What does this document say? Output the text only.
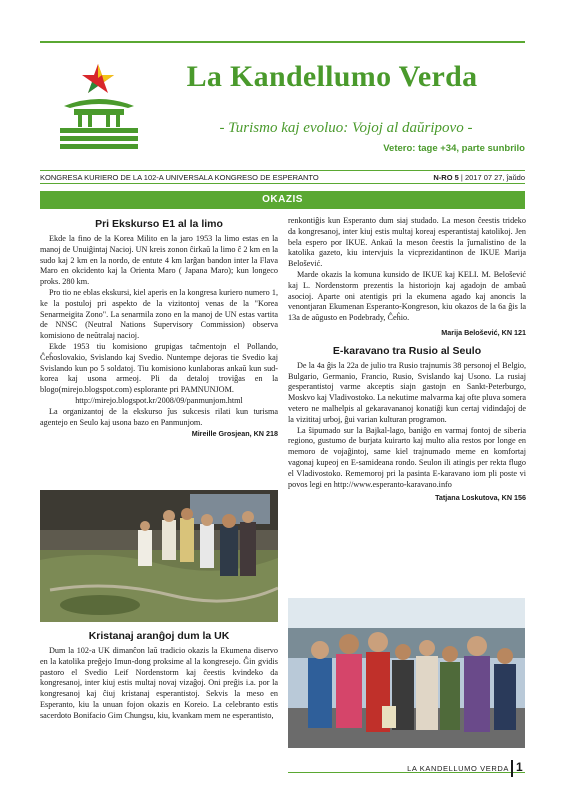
La Kandellumo Verda
- Turismo kaj evoluo: Vojoj al daŭripovo -
Vetero: tage +34, parte sunbrilo
KONGRESA KURIERO DE LA 102-A UNIVERSALA KONGRESO DE ESPERANTO	N-RO 5 | 2017 07 27, ĵaŭdo
OKAZIS
Pri Ekskurso E1 al la limo

Ekde la fino de la Korea Milito en la jaro 1953 la limo estas en la manoj de Unuiĝintaj Nacioj. UN kreis zonon ĉirkaŭ la limo ĉ 2 km en la sudo kaj 2 km en la nordo, de entute 4 km larĝan bandon inter la Flava Maro en okcidento kaj la Orienta Maro ( Japana Maro); kun longeco proks. 280 km.

Pro tio ne eblas ekskursi, kiel aperis en la kongresa kuriero numero 1, ke la postuloj pri aspekto de la vizitontoj venas de la "Korea Senarmeigita Zono". La senarmila zono en la manoj de UN estas vartita de NNSC (Neutral Nations Supervisory Commission) observa komisiono de neŭtralaj nacioj.

Ekde 1953 tiu komisiono grupigas taĉmentojn el Pollando, Ĉeĥoslovakio, Svislando kaj Svedio. Nuntempe dejoras tie Svedio kaj Svislando kun po 5 soldatoj. Tiu komisiono kunlaboras ankaŭ kun sud-korea kaj usona armeoj. Pli da detaloj troviĝas en la blogo(mirejo.blogspot.com) esplorante pri PAMNUNJOM.

http://mirejo.blogspot.kr/2008/09/panmunjom.html

La organizantoj de la ekskurso ĵus sukcesis rilati kun turisma agentejo en Seulo kaj usona bazo en Panmunjom.

Mireille Grosjean, KN 218
Kristanaj aranĝoj dum la UK

Dum la 102-a UK dimanĉon laŭ tradicio okazis la Ekumena diservo en la katolika preĝejo Imun-dong proksime al la kongresejo. Ĝin gvidis pastoro el Svedio Leif Nordenstorm kaj ĉeestis kvindeko da kongresanoj, inter kiuj estis multaj novaj vizaĝoj. Oni preĝis i.a. por la kongresanoj kaj ĉiuj kristanaj esperantistoj. Sekvis la meso en Esperanto, kiu la unuan fojon okazis en Koreio. La celebranto estis sacerdoto Bonifacio Gim Chungsu, kiu, kvankam mem ne esperantisto,

renkontiĝis kun Esperanto dum siaj studado. La meson ĉeestis trideko da kongresanoj, inter kiuj estis multaj koreaj esperantistaj katolikoj. Jen bela espero por IKUE. Ankaŭ la meson ĉeestis la ĵurnalistino de la katolika gazeto, kiu intervjuis la vicprezidantinon de IKUE Marija Belošević.

Marde okazis la komuna kunsido de IKUE kaj KELI. M. Belošević kaj L. Nordenstorm prezentis la historiojn kaj agadojn de ambaŭ asocioj. Aparte oni atentigis pri la ekumena agado kaj anoncis la venontjaran Ekumenan Esperanto-Kongreson, kiu okazos de la 6a ĝis la 13a de aŭgusto en Podebrady, Ĉeĥio.

Marija Belošević, KN 121
E-karavano tra Rusio al Seulo

De la 4a ĝis la 22a de julio tra Rusio trajnumis 38 personoj el Belgio, Bulgario, Germanio, Francio, Rusio, Svislando kaj Usono. La rusiaj gesperantistoj varme akceptis siajn gastojn en Sankt-Peterburgo, Moskvo kaj Vladivostoko. La nekutime malvarma kaj ofte pluva somera vetero ne malhelpis al gekaravananoj konatiĝi kun certaj vidindaĵoj de la vizititaj urboj, ĝui varian kulturan programon.

La ŝipumado sur la Bajkal-lago, baniĝo en varmaj fontoj de siberia regiono, gustumo de burjata kuirarto kaj multo alia restos por longe en memoro de vojaĝintoj, same kiel trajnumado meme en komfortaj vagonaj kupeoj en E-samideana rondo. Seulon ili atingis per rekta flugo el Vladivostoko. Rememoroj pri la pasinta E-karavano iom pli poste vi povos legi en http://www.esperanto-karavano.info

Tatjana Loskutova, KN 156
LA KANDELLUMO VERDA 1
